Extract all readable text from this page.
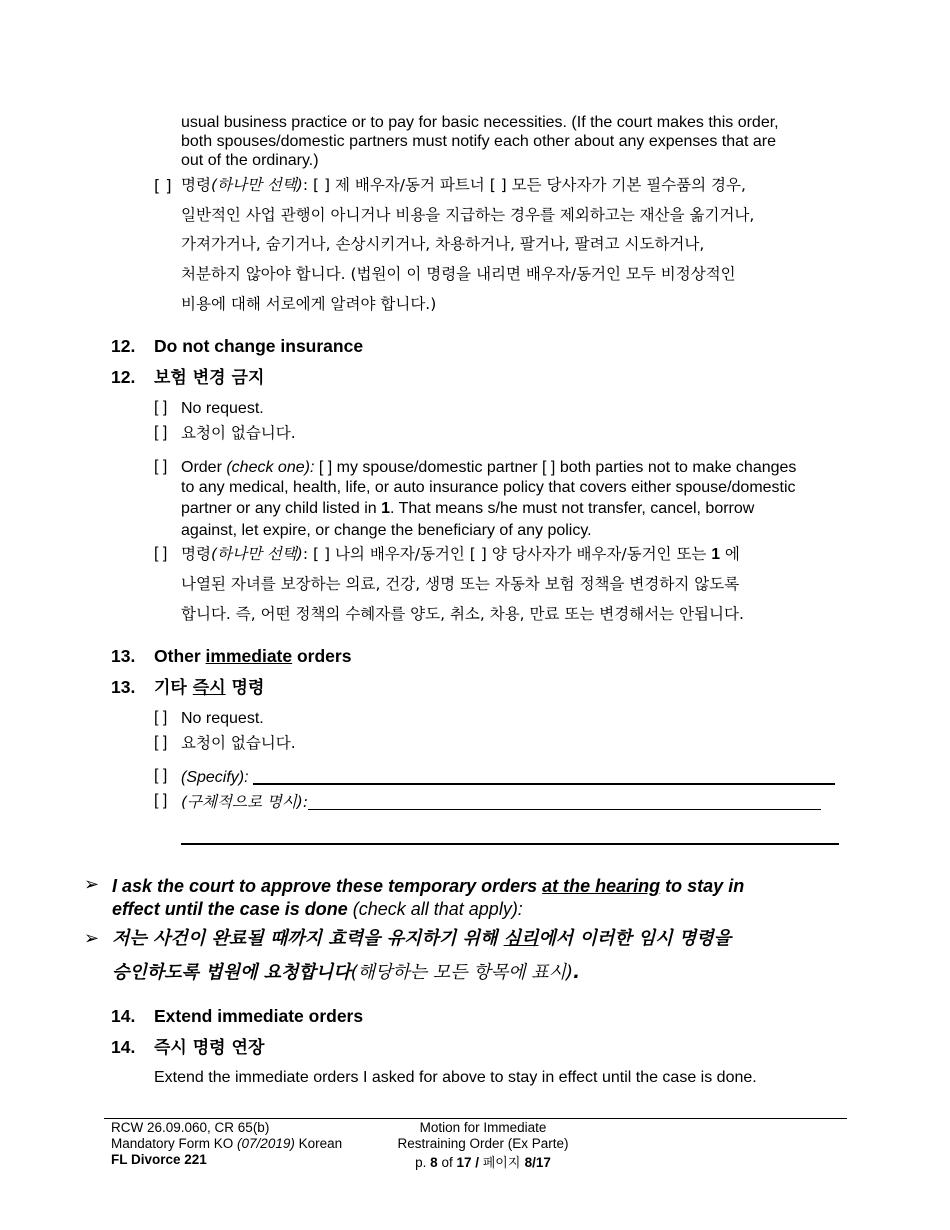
usual business practice or to pay for basic necessities. (If the court makes this order,
both spouses/domestic partners must notify each other about any expenses that are
out of the ordinary.)
[ ] 명령(하나만 선택): [ ] 제 배우자/동거 파트너 [ ] 모든 당사자가 기본 필수품의 경우,
일반적인 사업 관행이 아니거나 비용을 지급하는 경우를 제외하고는 재산을 옮기거나,
가져가거나, 숨기거나, 손상시키거나, 차용하거나, 팔거나, 팔려고 시도하거나,
처분하지 않아야 합니다. (법원이 이 명령을 내리면 배우자/동거인 모두 비정상적인
비용에 대해 서로에게 알려야 합니다.)
12. Do not change insurance
12. 보험 변경 금지
[ ] No request.
[ ] 요청이 없습니다.
[ ] Order (check one): [ ] my spouse/domestic partner [ ] both parties not to make changes
to any medical, health, life, or auto insurance policy that covers either spouse/domestic
partner or any child listed in 1. That means s/he must not transfer, cancel, borrow
against, let expire, or change the beneficiary of any policy.
[ ] 명령(하나만 선택): [ ] 나의 배우자/동거인 [ ] 양 당사자가 배우자/동거인 또는 1 에
나열된 자녀를 보장하는 의료, 건강, 생명 또는 자동차 보험 정책을 변경하지 않도록
합니다. 즉, 어떤 정책의 수혜자를 양도, 취소, 차용, 만료 또는 변경해서는 안됩니다.
13. Other immediate orders
13. 기타 즉시 명령
[ ] No request.
[ ] 요청이 없습니다.
[ ] (Specify):
[ ] (구체적으로 명시):
➢ I ask the court to approve these temporary orders at the hearing to stay in
effect until the case is done (check all that apply):
➢ 저는 사건이 완료될 때까지 효력을 유지하기 위해 심리에서 이러한 임시 명령을
승인하도록 법원에 요청합니다(해당하는 모든 항목에 표시).
14. Extend immediate orders
14. 즉시 명령 연장
Extend the immediate orders I asked for above to stay in effect until the case is done.
RCW 26.09.060, CR 65(b)
Mandatory Form KO (07/2019) Korean
FL Divorce 221
Motion for Immediate
Restraining Order (Ex Parte)
p. 8 of 17 / 페이지 8/17
